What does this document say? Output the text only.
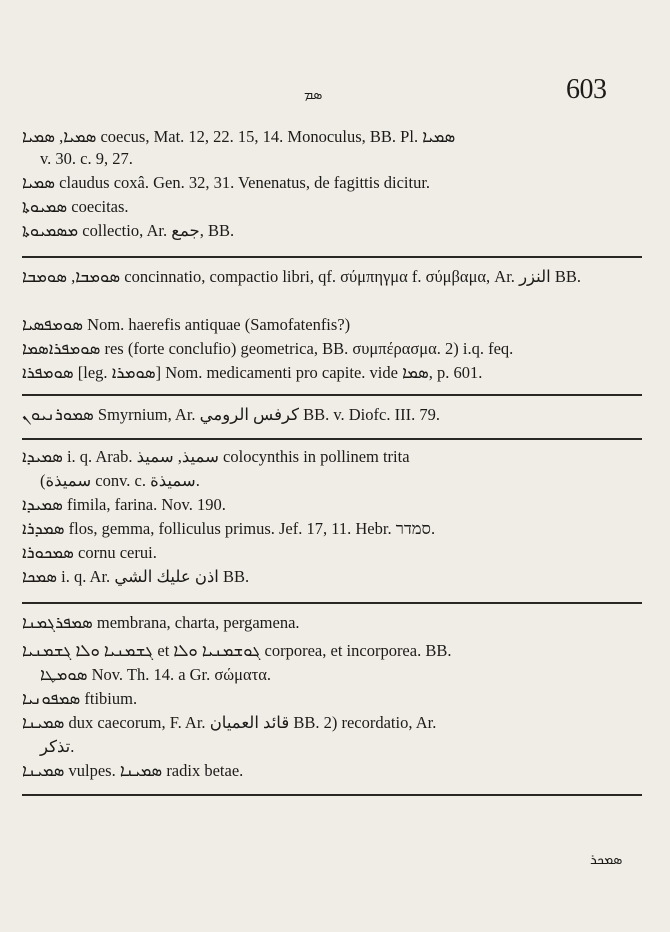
ܣܡ	603
ܣܡܝܐ, ܣܡܝܐ coecus, Mat. 12, 22. 15, 14. Monoculus, BB. Pl. ܣܡܝܐ
v. 30. c. 9, 27.
ܣܡܝܐ claudus coxâ. Gen. 32, 31. Venenatus, de fagittis dicitur.
ܣܡܝܘܬܐ coecitas.
ܡܣܡܝܘܬܐ collectio, Ar. جمع, BB.
ܣܘܡܒܐ, ܣܘܡܒܐ concinnatio, compactio libri, qf. σύμπηγμα f. σύμβαμα, Ar. النزر BB.
ܣܘܡܦܣܝܐ Nom. haerefis antiquae (Samofatenfis?)
ܣܘܡܦܪܐܣܡܐ res (forte conclufio) geometrica, BB. συμπέρασμα. 2) i.q. feq.
ܣܘܡܦܪܐ [leg. ܣܘܡܪܐ] Nom. medicamenti pro capite. vide ܣܡܐ, p. 601.
ܣܡܘܪܢܝܘܢ Smyrnium, Ar. كرفس الرومي BB. v. Diofc. III. 79.
ܣܡܝܕܐ i. q. Arab. سميذ, سميذ colocynthis in pollinem trita
(سميذة conv. c. سميذة.
ܣܡܝܕܐ fimila, farina. Nov. 190.
ܣܡܕܪܐ flos, gemma, folliculus primus. Jef. 17, 11. Hebr. סמדר.
ܣܡܟܘܪܐ cornu cerui.
ܣܡܟܐ i. q. Ar. اذن عليك الشي BB.
ܣܡܦܪܓܡܢܐ membrana, charta, pergamena.
ܓܫܡܢܝܐ ܘܠܐ ܓܫܡܢܝܐ et ܓܘܫܡܢܝܐ ܘܠܐ corporea, et incorporea. BB.
ܣܘܡܛܐ Nov. Th. 14. a Gr. σώματα.
ܣܡܦܘܢܝܐ ftibium.
ܣܡܝܢܐ dux caecorum, F. Ar. قائد العميان BB. 2) recordatio, Ar.
تذكر.
ܣܡܝܢܐ vulpes. ܣܡܝܢܐ radix betae.
ܣܡܟܪ
